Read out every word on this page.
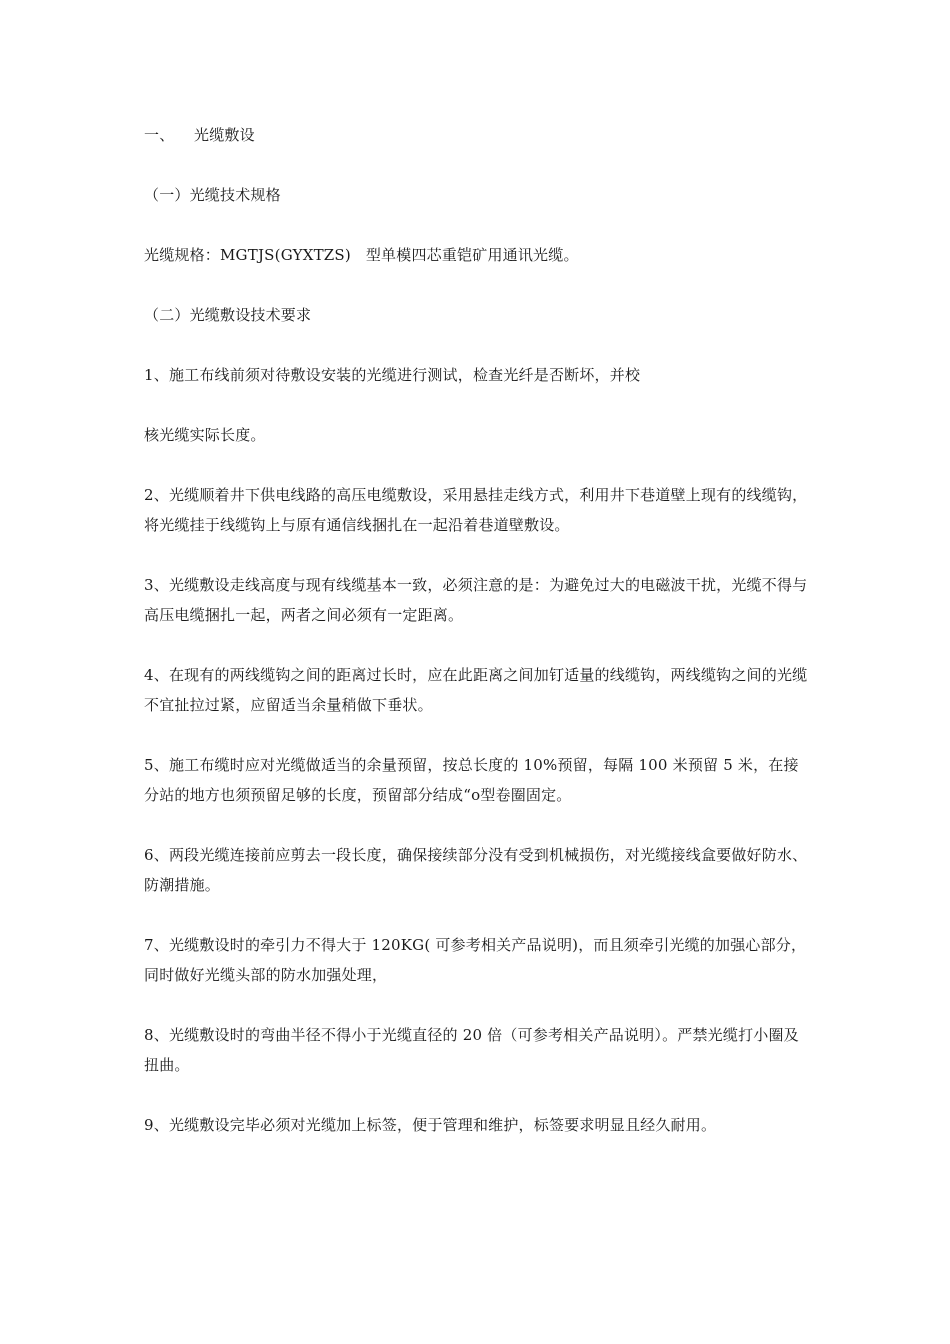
一、 光缆敷设

（一）光缆技术规格

光缆规格：MGTJS(GYXTZS)   型单模四芯重铠矿用通讯光缆。

（二）光缆敷设技术要求

1、施工布线前须对待敷设安装的光缆进行测试，检查光纤是否断坏，并校

核光缆实际长度。

2、光缆顺着井下供电线路的高压电缆敷设，采用悬挂走线方式，利用井下巷道壁上现有的线缆钩，将光缆挂于线缆钩上与原有通信线捆扎在一起沿着巷道壁敷设。

3、光缆敷设走线高度与现有线缆基本一致，必须注意的是：为避免过大的电磁波干扰，光缆不得与高压电缆捆扎一起，两者之间必须有一定距离。

4、在现有的两线缆钩之间的距离过长时，应在此距离之间加钉适量的线缆钩，两线缆钩之间的光缆不宜扯拉过紧，应留适当余量稍做下垂状。

5、施工布缆时应对光缆做适当的余量预留，按总长度的 10%预留，每隔 100 米预留 5 米，在接分站的地方也须预留足够的长度，预留部分结成“o型卷圈固定。

6、两段光缆连接前应剪去一段长度，确保接续部分没有受到机械损伤，对光缆接线盒要做好防水、防潮措施。

7、光缆敷设时的牵引力不得大于 120KG( 可参考相关产品说明)，而且须牵引光缆的加强心部分，同时做好光缆头部的防水加强处理，

8、光缆敷设时的弯曲半径不得小于光缆直径的 20 倍（可参考相关产品说明）。严禁光缆打小圈及扭曲。

9、光缆敷设完毕必须对光缆加上标签，便于管理和维护，标签要求明显且经久耐用。
